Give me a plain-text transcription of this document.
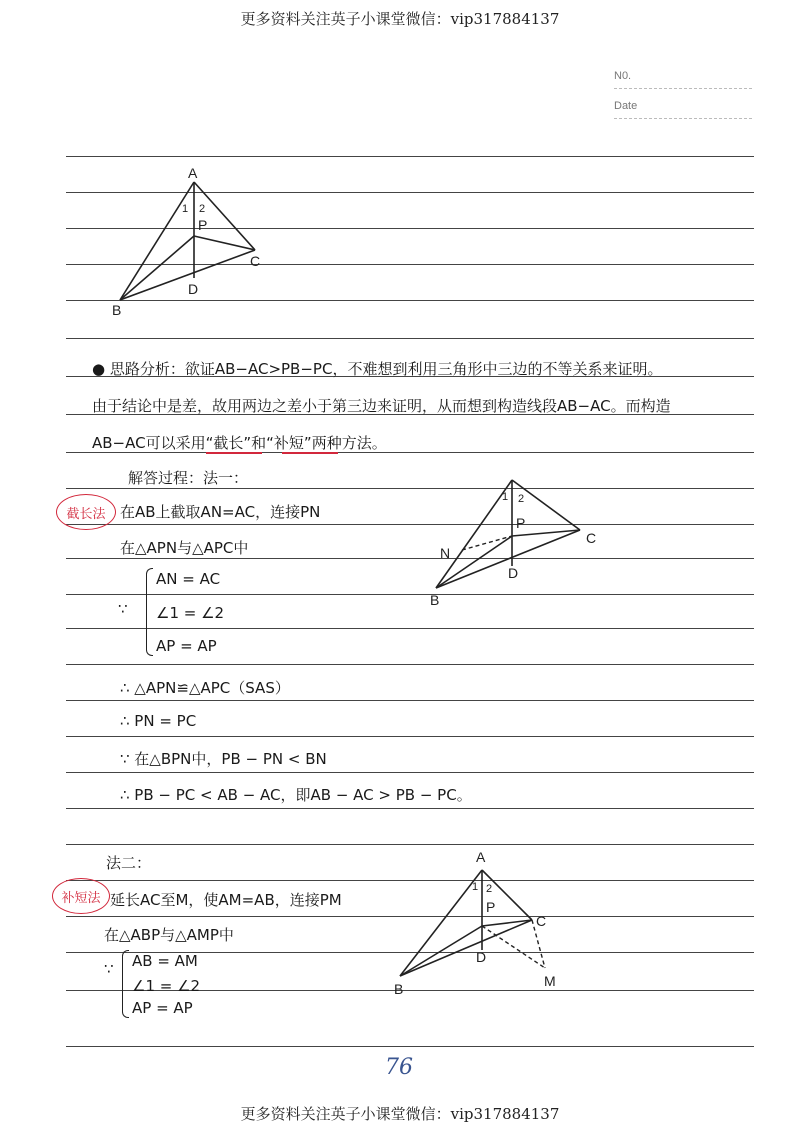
更多资料关注英子小课堂微信：vip317884137
N0.
Date
A
B
C
D
P
1 2
● 思路分析：欲证AB−AC>PB−PC，不难想到利用三角形中三边的不等关系来证明。
由于结论中是差，故用两边之差小于第三边来证明，从而想到构造线段AB−AC。而构造
AB−AC可以采用“截长”和“补短”两种方法。
解答过程：法一：
截长法 在AB上截取AN=AC，连接PN
在△APN与△APC中
∵
AN = AC
∠1 = ∠2
AP = AP
∴ △APN≌△APC（SAS）
∴ PN = PC
∵ 在△BPN中，PB − PN < BN
∴ PB − PC < AB − AC，即AB − AC > PB − PC。
B
C
D
P
N
1 2
法二：
补短法 延长AC至M，使AM=AB，连接PM
在△ABP与△AMP中
∵ AB = AM
∠1 = ∠2
AP = AP
A
B
C
D
P
M
1 2
76
更多资料关注英子小课堂微信：vip317884137
